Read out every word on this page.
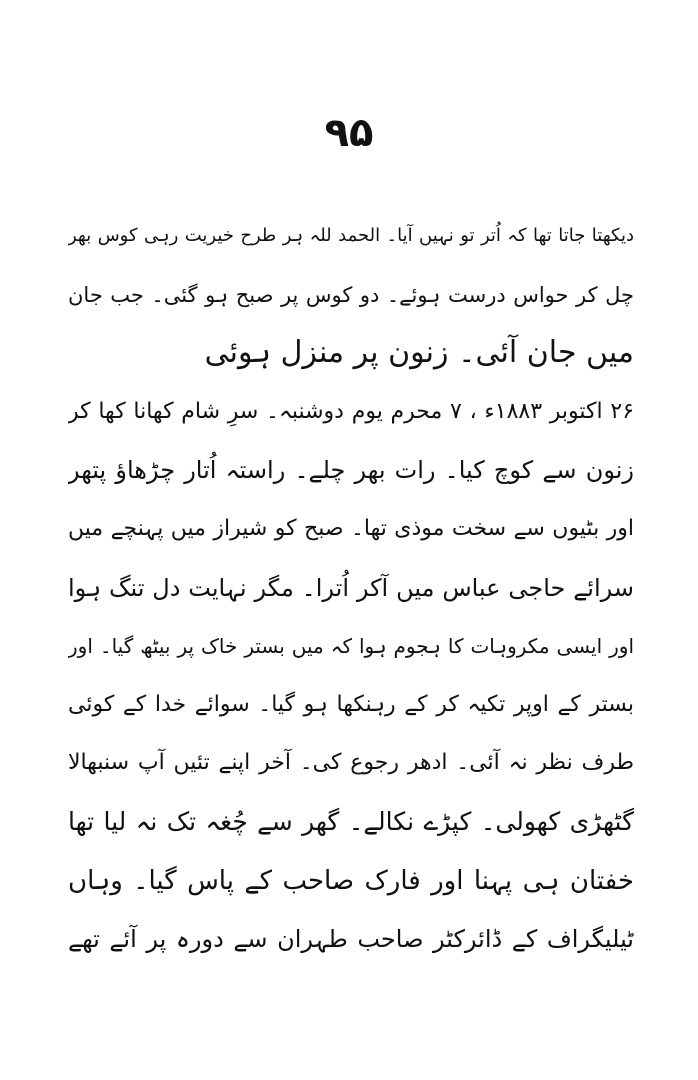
۹۵
دیکھتا جاتا تھا کہ اُتر تو نہیں آیا۔ الحمد للہ ہر طرح خیریت رہی کوس بھر
چل کر حواس درست ہوئے۔ دو کوس پر صبح ہو گئی۔ جب جان
میں جان آئی۔ زنون پر منزل ہوئی
۲۶ اکتوبر ۱۸۸۳ء ، ۷ محرم یوم دوشنبہ۔ سرِ شام کھانا کھا کر
زنون سے کوچ کیا۔ رات بھر چلے۔ راستہ اُتار چڑھاؤ پتھر
اور بٹیوں سے سخت موذی تھا۔ صبح کو شیراز میں پہنچے میں
سرائے حاجی عباس میں آکر اُترا۔ مگر نہایت دل تنگ ہوا
اور ایسی مکروہات کا ہجوم ہوا کہ میں بستر خاک پر بیٹھ گیا۔ اور
بستر کے اوپر تکیہ کر کے رہنکھا ہو گیا۔ سوائے خدا کے کوئی
طرف نظر نہ آئی۔ ادھر رجوع کی۔ آخر اپنے تئیں آپ سنبھالا
گٹھڑی کھولی۔ کپڑے نکالے۔ گھر سے چُغہ تک نہ لیا تھا
خفتان ہی پہنا اور فارک صاحب کے پاس گیا۔ وہاں
ٹیلیگراف کے ڈائرکٹر صاحب طہران سے دورہ پر آئے تھے
